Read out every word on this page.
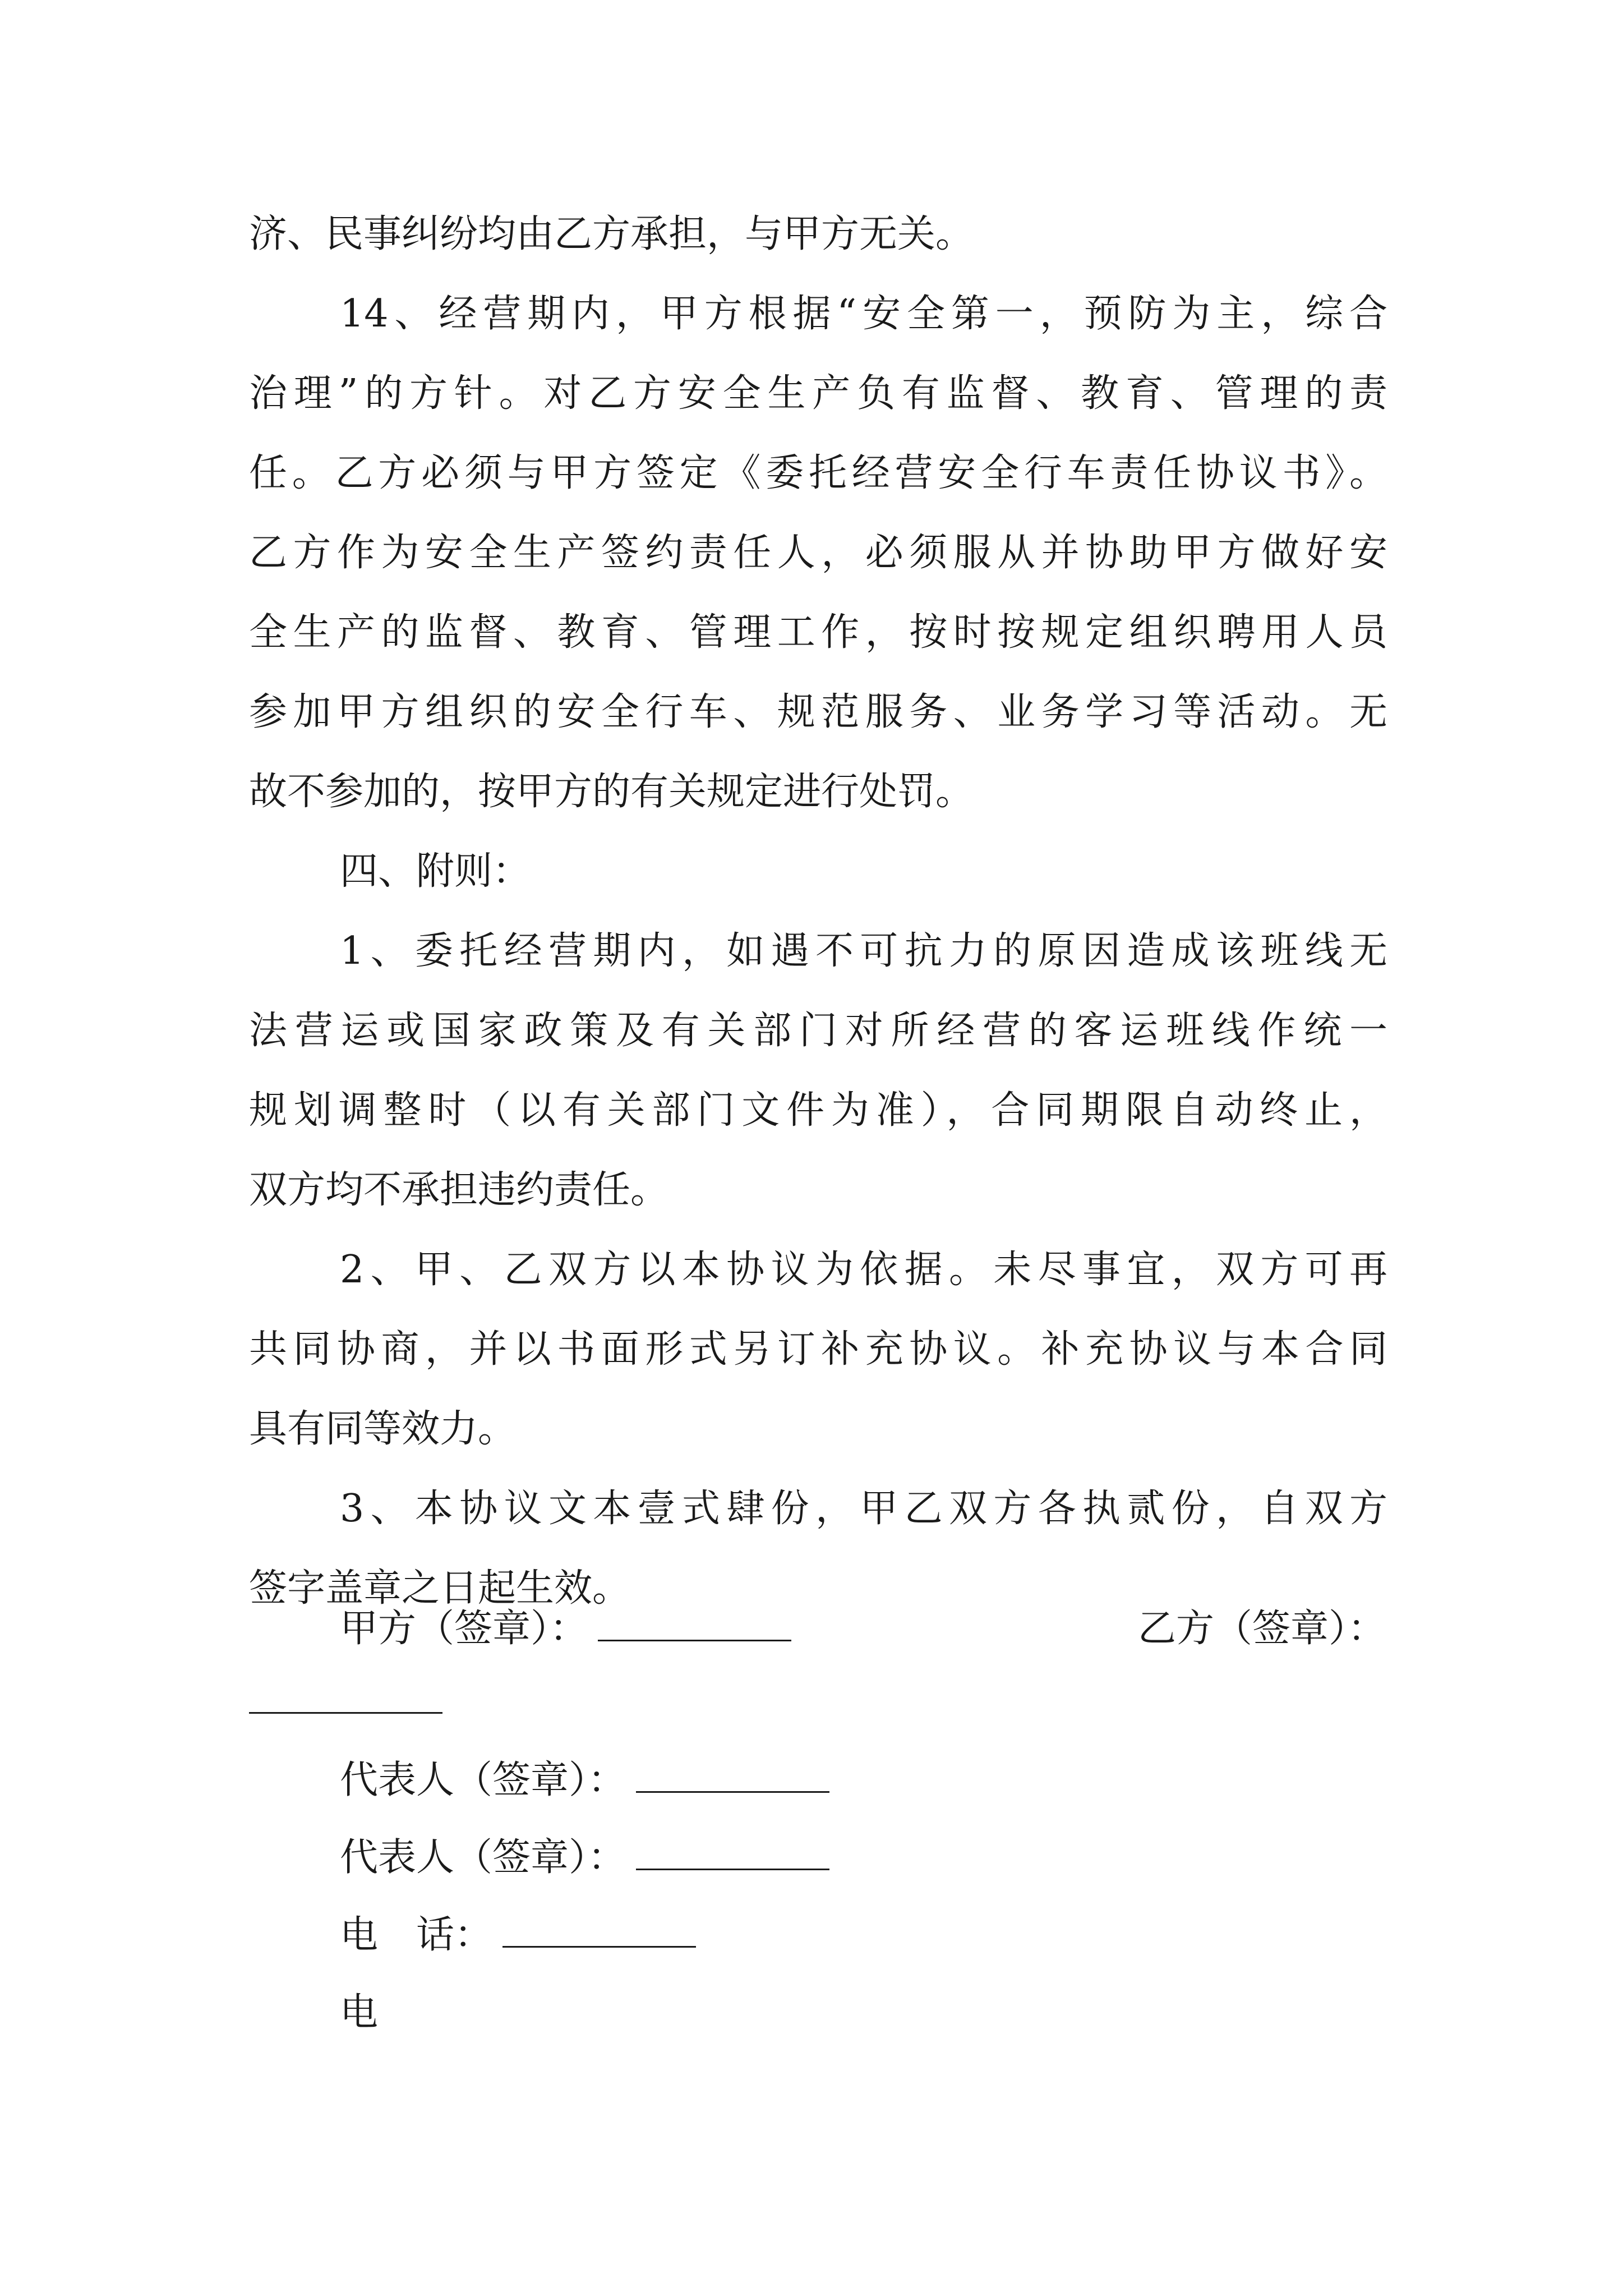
济、民事纠纷均由乙方承担，与甲方无关。
14、经营期内，甲方根据“安全第一，预防为主，综合
治理”的方针。对乙方安全生产负有监督、教育、管理的责
任。乙方必须与甲方签定《委托经营安全行车责任协议书》。
乙方作为安全生产签约责任人，必须服从并协助甲方做好安
全生产的监督、教育、管理工作，按时按规定组织聘用人员
参加甲方组织的安全行车、规范服务、业务学习等活动。无
故不参加的，按甲方的有关规定进行处罚。
四、附则：
1、委托经营期内，如遇不可抗力的原因造成该班线无
法营运或国家政策及有关部门对所经营的客运班线作统一
规划调整时（以有关部门文件为准），合同期限自动终止，
双方均不承担违约责任。
2、甲、乙双方以本协议为依据。未尽事宜，双方可再
共同协商，并以书面形式另订补充协议。补充协议与本合同
具有同等效力。
3、本协议文本壹式肆份，甲乙双方各执贰份，自双方
签字盖章之日起生效。
甲方（签章）：	乙方（签章）：
代表人（签章）：
代表人（签章）：
电　话：
电
